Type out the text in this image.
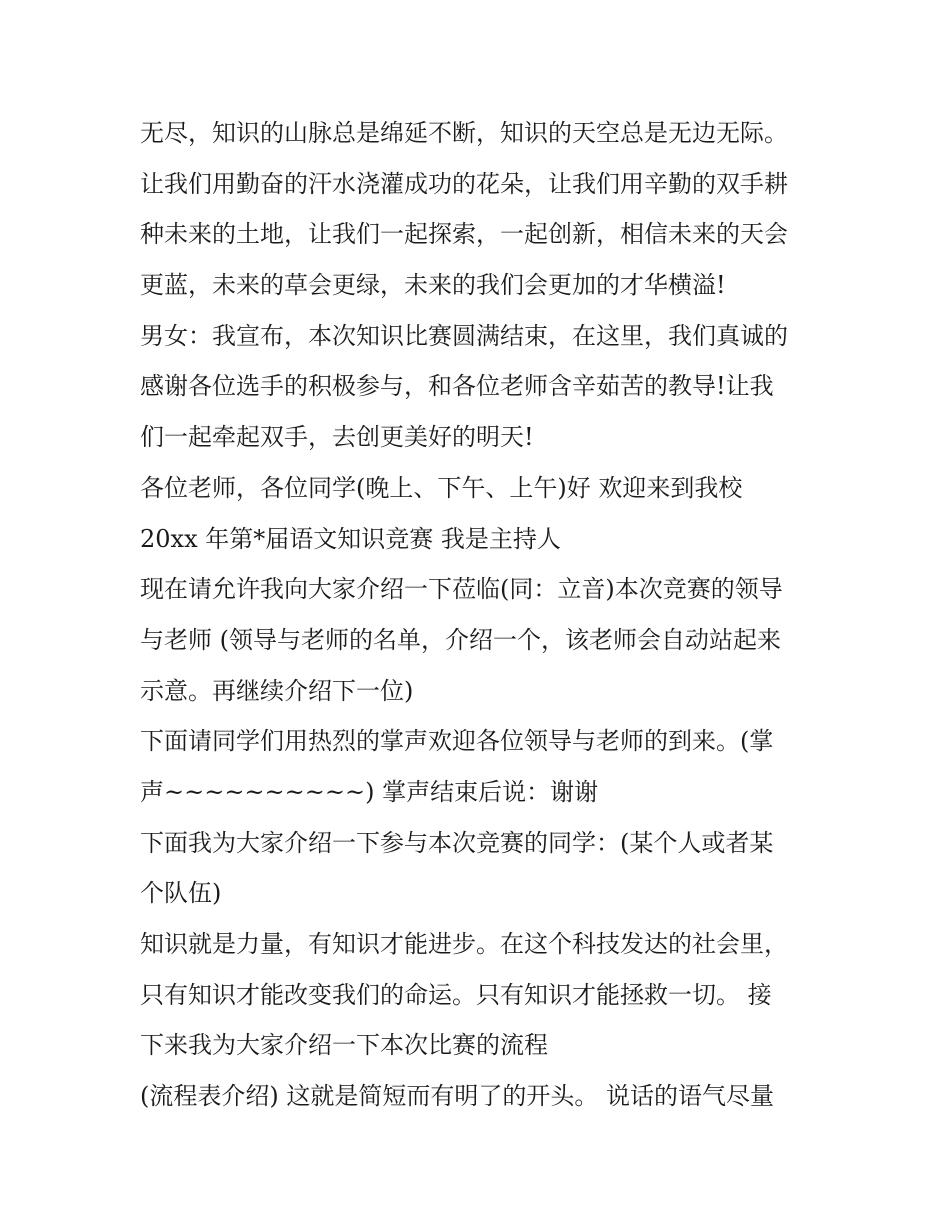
无尽，知识的山脉总是绵延不断，知识的天空总是无边无际。
让我们用勤奋的汗水浇灌成功的花朵，让我们用辛勤的双手耕
种未来的土地，让我们一起探索，一起创新，相信未来的天会
更蓝，未来的草会更绿，未来的我们会更加的才华横溢!
男女：我宣布，本次知识比赛圆满结束，在这里，我们真诚的
感谢各位选手的积极参与，和各位老师含辛茹苦的教导!让我
们一起牵起双手，去创更美好的明天!
各位老师，各位同学(晚上、下午、上午)好 欢迎来到我校
20xx 年第*届语文知识竞赛 我是主持人
现在请允许我向大家介绍一下莅临(同：立音)本次竞赛的领导
与老师 (领导与老师的名单，介绍一个，该老师会自动站起来
示意。再继续介绍下一位)
下面请同学们用热烈的掌声欢迎各位领导与老师的到来。(掌
声~~~~~~~~~~) 掌声结束后说：谢谢
下面我为大家介绍一下参与本次竞赛的同学：(某个人或者某
个队伍)
知识就是力量，有知识才能进步。在这个科技发达的社会里，
只有知识才能改变我们的命运。只有知识才能拯救一切。 接
下来我为大家介绍一下本次比赛的流程
(流程表介绍) 这就是简短而有明了的开头。 说话的语气尽量
